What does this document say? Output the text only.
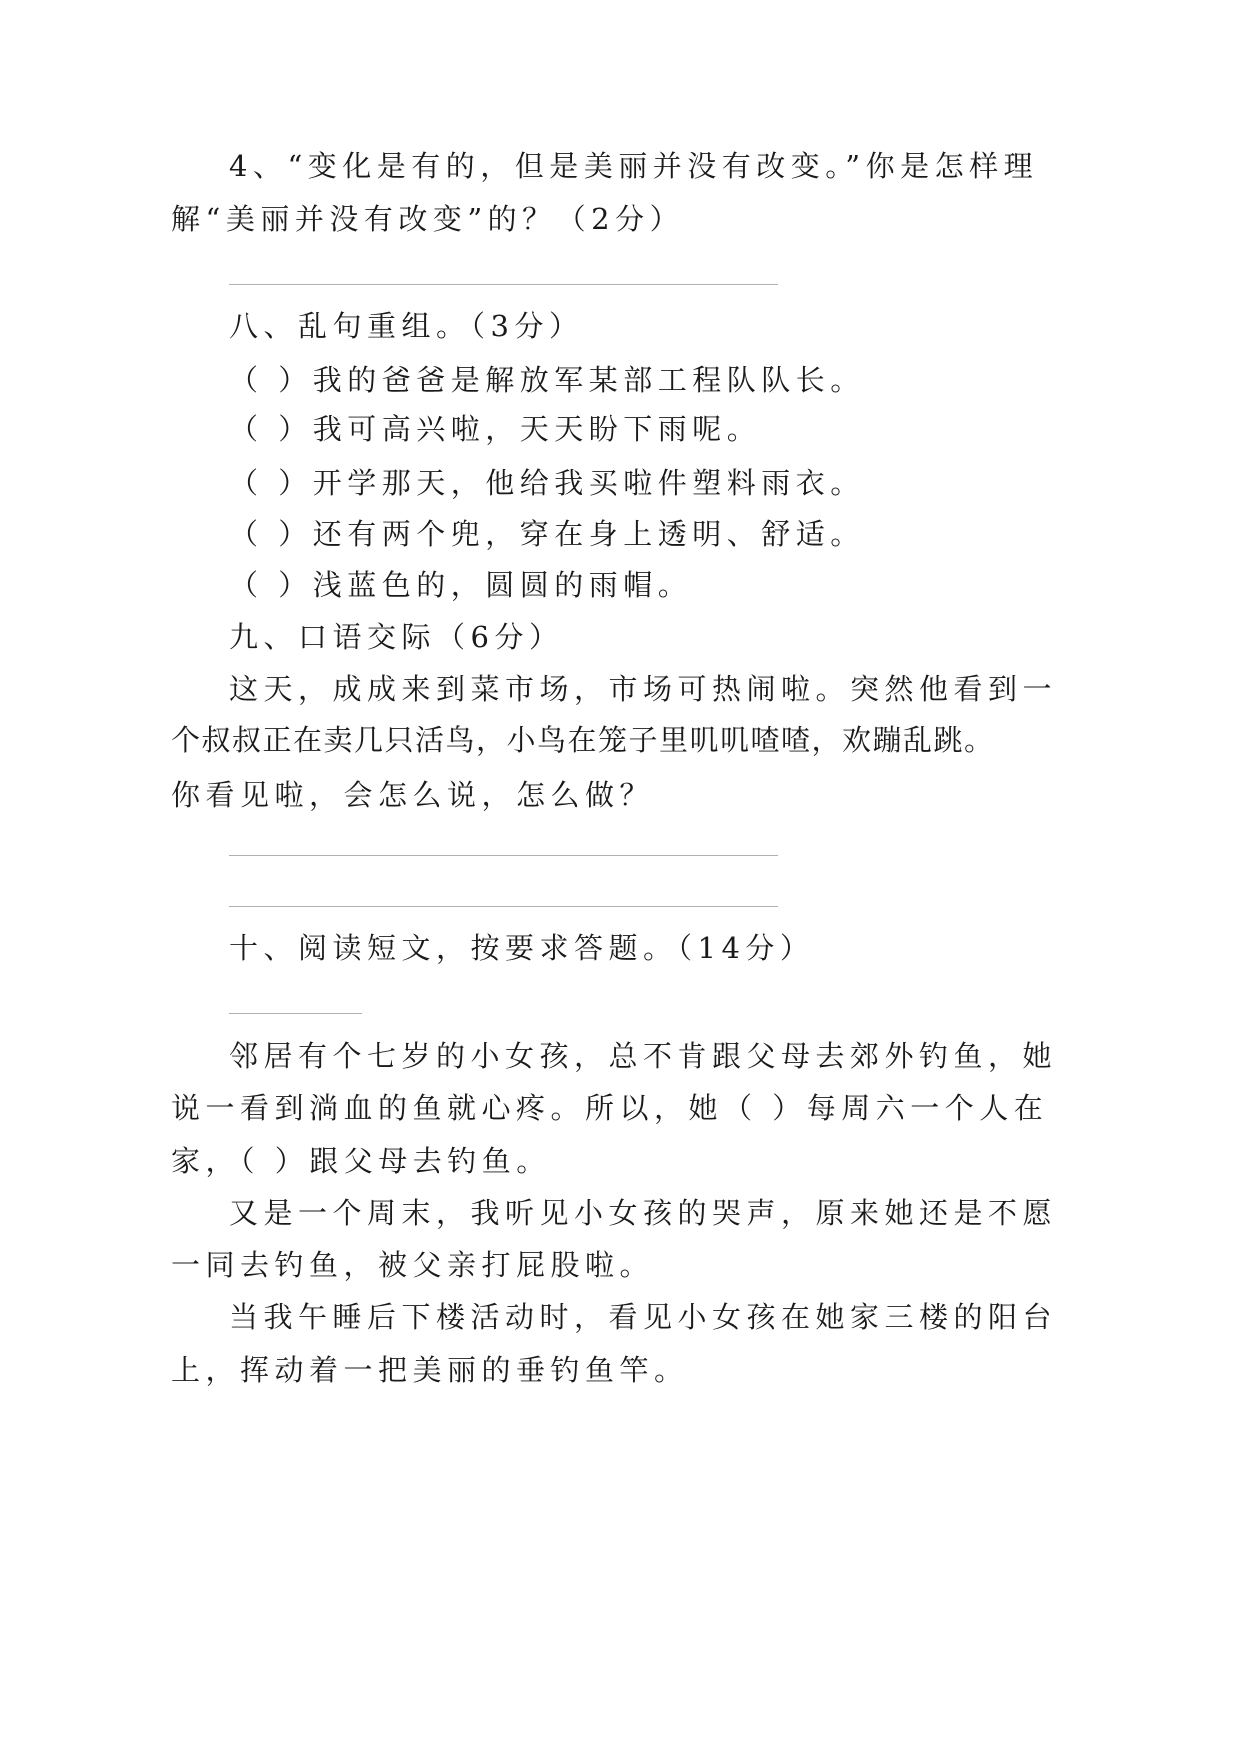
4、“变化是有的，但是美丽并没有改变。”你是怎样理
解“美丽并没有改变”的？（2分）
八、乱句重组。（3分）
（ ）我的爸爸是解放军某部工程队队长。
（ ）我可高兴啦，天天盼下雨呢。
（ ）开学那天，他给我买啦件塑料雨衣。
（ ）还有两个兜，穿在身上透明、舒适。
（ ）浅蓝色的，圆圆的雨帽。
九、口语交际（6分）
这天，成成来到菜市场，市场可热闹啦。突然他看到一
个叔叔正在卖几只活鸟，小鸟在笼子里叽叽喳喳，欢蹦乱跳。
你看见啦，会怎么说，怎么做？
十、阅读短文，按要求答题。（14分）
邻居有个七岁的小女孩，总不肯跟父母去郊外钓鱼，她
说一看到淌血的鱼就心疼。所以，她（ ）每周六一个人在
家，（ ）跟父母去钓鱼。
又是一个周末，我听见小女孩的哭声，原来她还是不愿
一同去钓鱼，被父亲打屁股啦。
当我午睡后下楼活动时，看见小女孩在她家三楼的阳台
上，挥动着一把美丽的垂钓鱼竿。
